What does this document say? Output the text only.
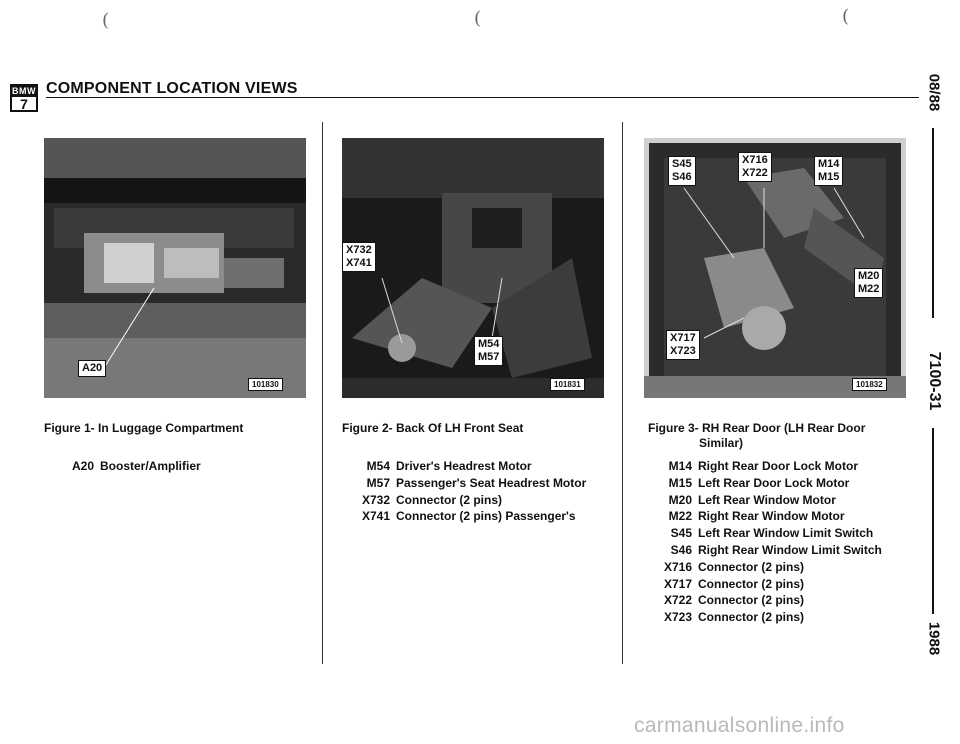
(	(	(
BMW
7
COMPONENT LOCATION VIEWS
A20
101830
Figure 1- In Luggage Compartment
A20 Booster/Amplifier
X732
X741
M54
M57
101831
Figure 2- Back Of LH Front Seat
M54 Driver's Headrest Motor
M57 Passenger's Seat Headrest Motor
X732 Connector (2 pins)
X741 Connector (2 pins) Passenger's
S45
S46
X716
X722
M14
M15
M20
M22
X717
X723
101832
Figure 3- RH Rear Door (LH Rear Door
Similar)
M14 Right Rear Door Lock Motor
M15 Left Rear Door Lock Motor
M20 Left Rear Window Motor
M22 Right Rear Window Motor
S45 Left Rear Window Limit Switch
S46 Right Rear Window Limit Switch
X716 Connector (2 pins)
X717 Connector (2 pins)
X722 Connector (2 pins)
X723 Connector (2 pins)
08/88
7100-31
1988
carmanualsonline.info
